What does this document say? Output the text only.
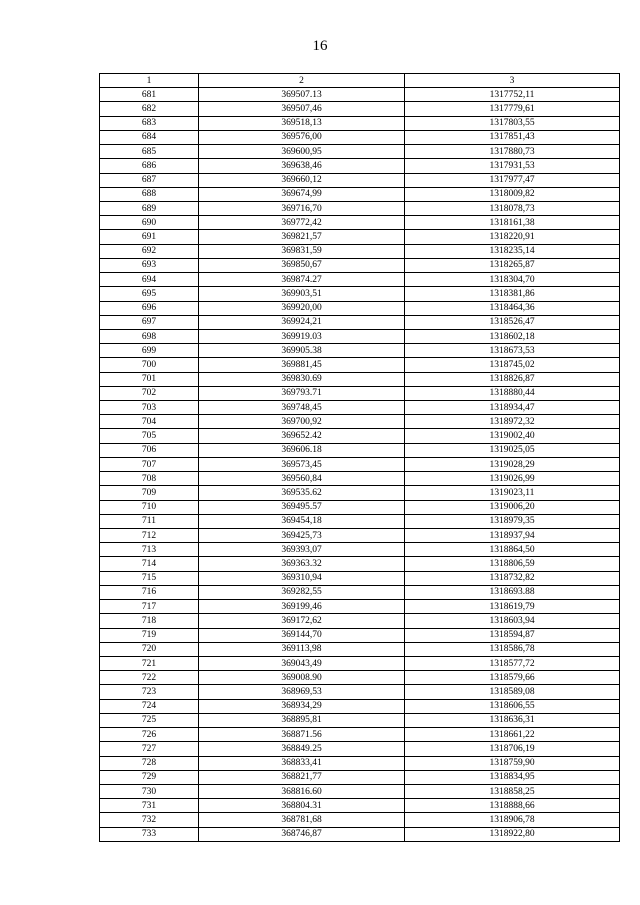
16
1	2	3
681	369507.13	1317752,11
682	369507,46	1317779,61
683	369518,13	1317803,55
684	369576,00	1317851,43
685	369600,95	1317880,73
686	369638,46	1317931,53
687	369660,12	1317977,47
688	369674,99	1318009,82
689	369716,70	1318078,73
690	369772,42	1318161,38
691	369821,57	1318220,91
692	369831,59	1318235,14
693	369850,67	1318265,87
694	369874.27	1318304,70
695	369903,51	1318381,86
696	369920,00	1318464,36
697	369924,21	1318526,47
698	369919.03	1318602,18
699	369905.38	1318673,53
700	369881,45	1318745,02
701	369830.69	1318826,87
702	369793.71	1318880,44
703	369748,45	1318934,47
704	369700,92	1318972,32
705	369652.42	1319002,40
706	369606.18	1319025,05
707	369573,45	1319028,29
708	369560,84	1319026,99
709	369535.62	1319023,11
710	369495.57	1319006,20
711	369454,18	1318979,35
712	369425,73	1318937,94
713	369393,07	1318864,50
714	369363.32	1318806,59
715	369310,94	1318732,82
716	369282,55	1318693.88
717	369199,46	1318619,79
718	369172,62	1318603,94
719	369144,70	1318594,87
720	369113,98	1318586,78
721	369043,49	1318577,72
722	369008.90	1318579,66
723	368969,53	1318589,08
724	368934,29	1318606,55
725	368895,81	1318636,31
726	368871.56	1318661,22
727	368849.25	1318706,19
728	368833,41	1318759,90
729	368821,77	1318834,95
730	368816.60	1318858,25
731	368804.31	1318888,66
732	368781,68	1318906,78
733	368746,87	1318922,80
